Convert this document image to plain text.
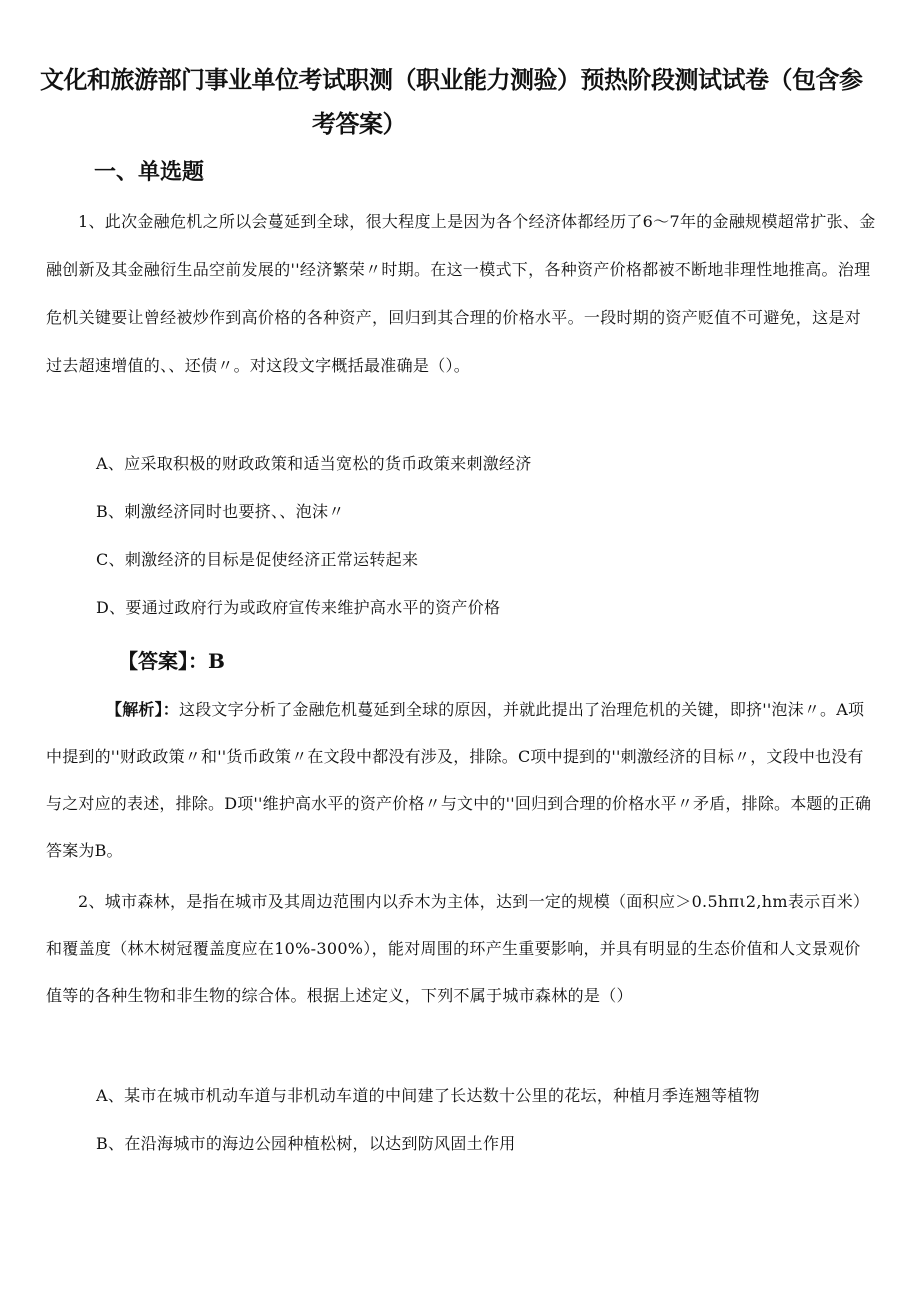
文化和旅游部门事业单位考试职测（职业能力测验）预热阶段测试试卷（包含参
考答案）
一、单选题
1、此次金融危机之所以会蔓延到全球，很大程度上是因为各个经济体都经历了6～7年的金融规模超常扩张、金融创新及其金融衍生品空前发展的''经济繁荣〃时期。在这一模式下，各种资产价格都被不断地非理性地推高。治理危机关键要让曾经被炒作到高价格的各种资产，回归到其合理的价格水平。一段时期的资产贬值不可避免，这是对过去超速增值的、、还债〃。对这段文字概括最准确是（）。
A、应采取积极的财政政策和适当宽松的货币政策来刺激经济
B、刺激经济同时也要挤、、泡沫〃
C、刺激经济的目标是促使经济正常运转起来
D、要通过政府行为或政府宣传来维护高水平的资产价格
【答案】：B
【解析】：这段文字分析了金融危机蔓延到全球的原因，并就此提出了治理危机的关键，即挤''泡沫〃。A项中提到的''财政政策〃和''货币政策〃在文段中都没有涉及，排除。C项中提到的''刺激经济的目标〃，文段中也没有与之对应的表述，排除。D项''维护高水平的资产价格〃与文中的''回归到合理的价格水平〃矛盾，排除。本题的正确答案为B。
2、城市森林，是指在城市及其周边范围内以乔木为主体，达到一定的规模（面积应＞0.5hπι2,hm表示百米）和覆盖度（林木树冠覆盖度应在10%-300%），能对周围的环产生重要影响，并具有明显的生态价值和人文景观价值等的各种生物和非生物的综合体。根据上述定义，下列不属于城市森林的是（）
A、某市在城市机动车道与非机动车道的中间建了长达数十公里的花坛，种植月季连翘等植物
B、在沿海城市的海边公园种植松树，以达到防风固土作用
